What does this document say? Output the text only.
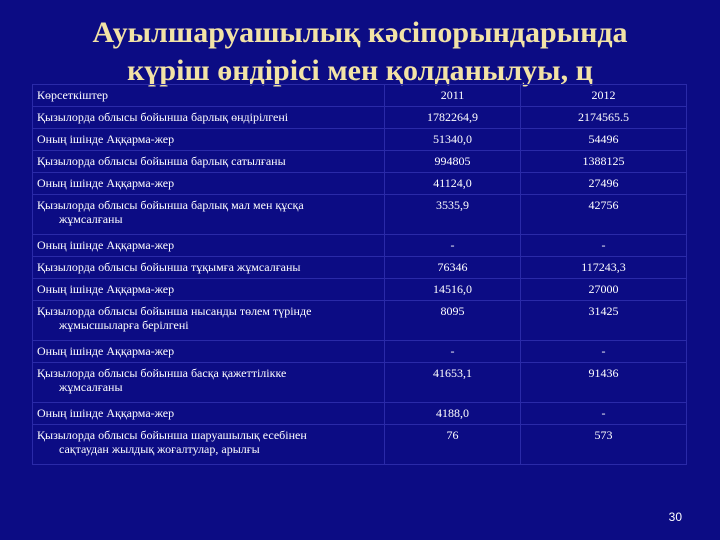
Ауылшаруашылық кәсіпорындарында
күріш өндірісі мен қолданылуы, ц
Көрсеткіштер	2011	2012
Қызылорда облысы бойынша барлық өндірілгені	1782264,9	2174565.5
Оның ішінде Аққарма-жер	51340,0	54496
Қызылорда облысы бойынша барлық сатылғаны	994805	1388125
Оның ішінде Аққарма-жер	41124,0	27496
Қызылорда облысы бойынша барлық мал мен құсқа
жұмсалғаны	3535,9	42756
Оның ішінде Аққарма-жер	-	-
Қызылорда облысы бойынша тұқымға жұмсалғаны	76346	117243,3
Оның ішінде Аққарма-жер	14516,0	27000
Қызылорда облысы бойынша нысанды төлем түрінде
жұмысшыларға берілгені	8095	31425
Оның ішінде Аққарма-жер	-	-
Қызылорда облысы бойынша басқа қажеттілікке
жұмсалғаны	41653,1	91436
Оның ішінде Аққарма-жер	4188,0	-
Қызылорда облысы бойынша шаруашылық есебінен
сақтаудан жылдық жоғалтулар, арылғы	76	573
30
